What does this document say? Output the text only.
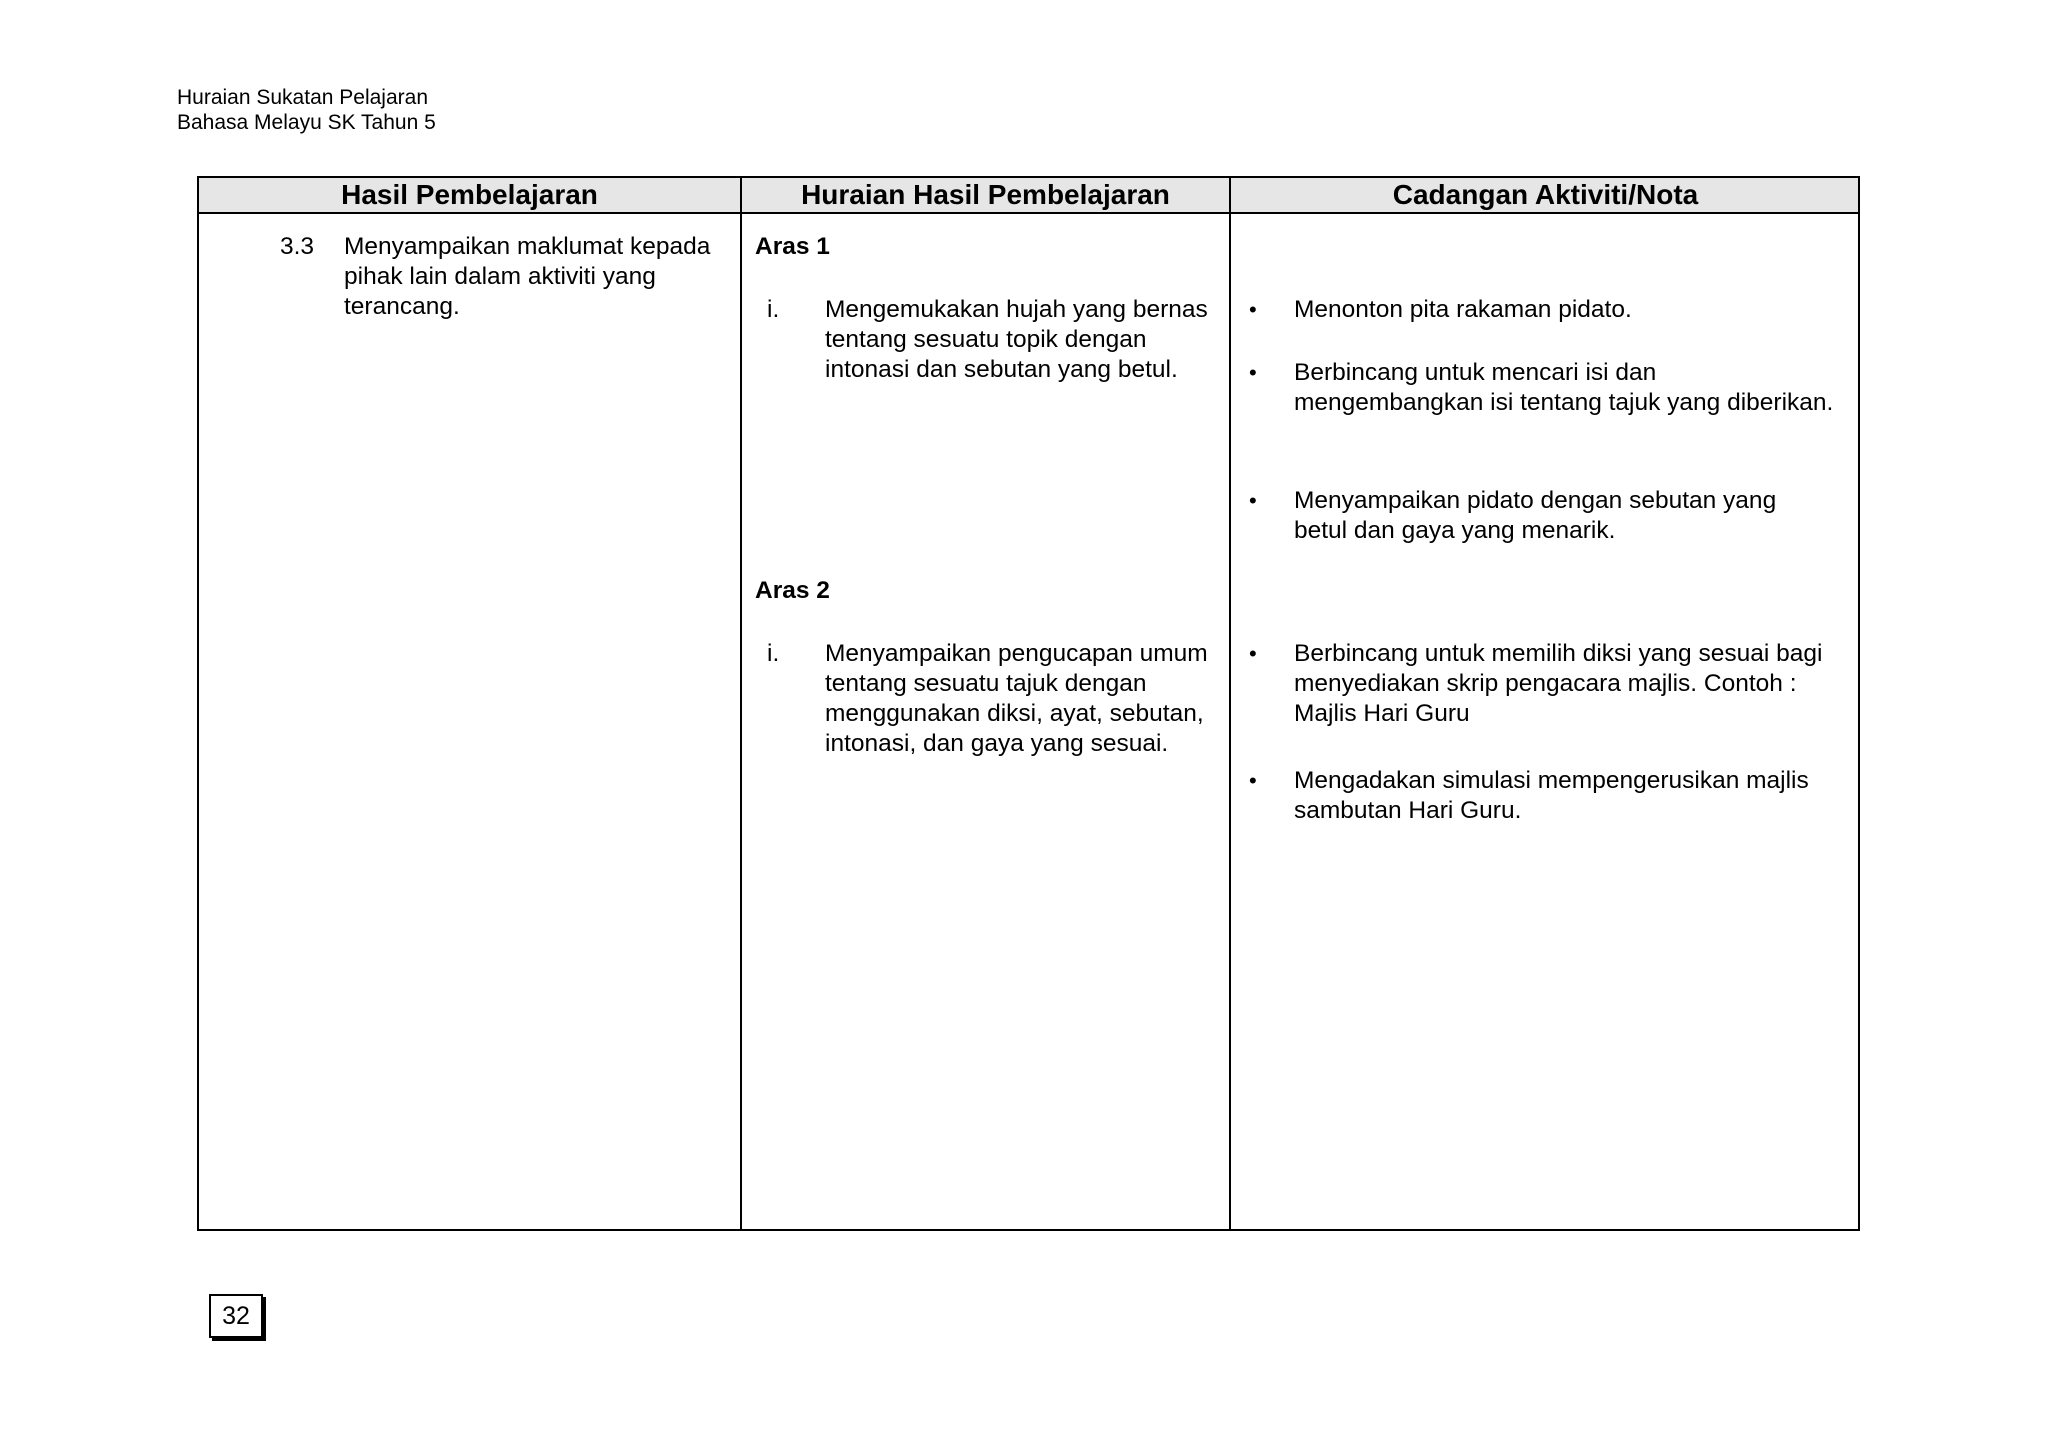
Huraian Sukatan Pelajaran
Bahasa Melayu SK Tahun 5
Hasil Pembelajaran	Huraian Hasil Pembelajaran	Cadangan Aktiviti/Nota
3.3 Menyampaikan maklumat kepada pihak lain dalam aktiviti yang terancang.
Aras 1
i. Mengemukakan hujah yang bernas tentang sesuatu topik dengan intonasi dan sebutan yang betul.
Aras 2
i. Menyampaikan pengucapan umum tentang sesuatu tajuk dengan menggunakan diksi, ayat, sebutan, intonasi, dan gaya yang sesuai.
• Menonton pita rakaman pidato.
• Berbincang untuk mencari isi dan mengembangkan isi tentang tajuk yang diberikan.
• Menyampaikan pidato dengan sebutan yang betul dan gaya yang menarik.
• Berbincang untuk memilih diksi yang sesuai bagi menyediakan skrip pengacara majlis. Contoh : Majlis Hari Guru
• Mengadakan simulasi mempengerusikan majlis sambutan Hari Guru.
32
